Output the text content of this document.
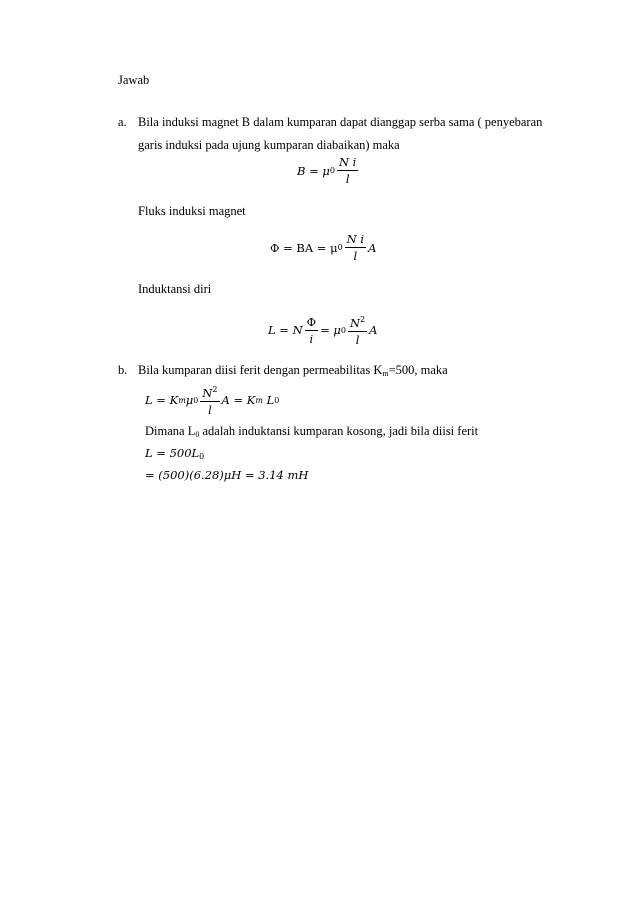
Jawab
a. Bila induksi magnet B dalam kumparan dapat dianggap serba sama ( penyebaran
garis induksi pada ujung kumparan diabaikan) maka
B = μ $0 \frac{\text{N i}}{l}$
Fluks induksi magnet
Φ = BA = μ $0 \frac{\text{N i}}{l}$ A
Induktansi diri
L = N $\frac{\Phi}{i} = \mu$ $0 \frac{N^2}{l}$ A
b. Bila kumparan diisi ferit dengan permeabilitas $K_m=500$, maka
L = K m μ $0 \frac{N^2}{l}$ A = K m
L 0
Dimana $L_0$ adalah induktansi kumparan kosong, jadi bila diisi ferit
$L = 500L_0$
= (500)(6.28)μH = 3.14 mH
